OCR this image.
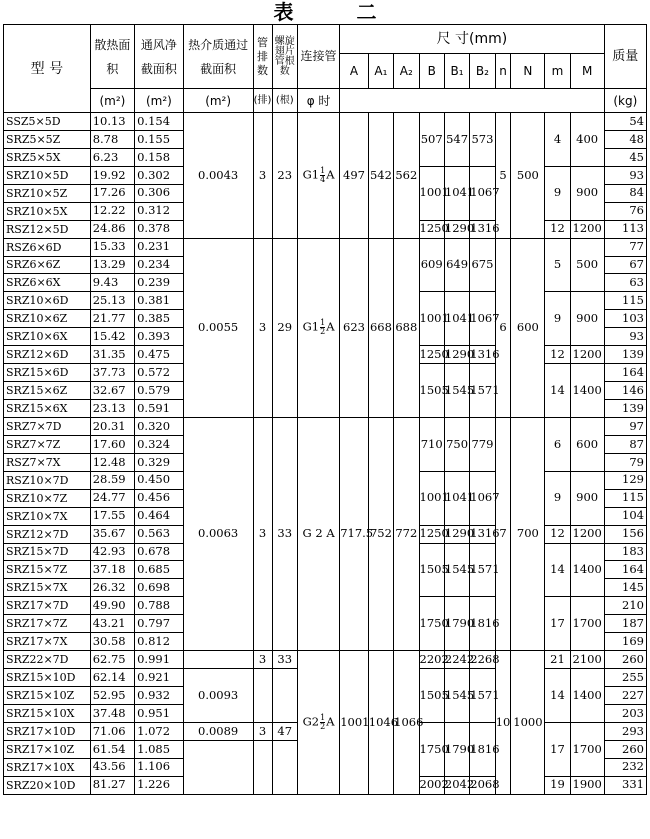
表 二
型 号	散热面积	通风净截面积	热介质通过截面积	管排数	螺旋翅片管根数	连接管	尺 寸(mm)										质量
							A	A₁	A₂	B	B₁	B₂	n	N	m	M	
	(m²)	(m²)	(m²)	(排)	(根)	φ 时											(kg)
SSZ5×5D	10.13	0.154	0.0043	3	23	$G1 \frac{1}{4}$ A	497	542	562	507	547	573	5	500	4	400	54
SRZ5×5Z	8.78	0.155															48
SRZ5×5X	6.23	0.158															45
SRZ10×5D	19.92	0.302								1001	1041	1067			9	900	93
SRZ10×5Z	17.26	0.306															84
SRZ10×5X	12.22	0.312															76
RSZ12×5D	24.86	0.378								1250	1290	1316			12	1200	113
RSZ6×6D	15.33	0.231	0.0055	3	29	$G1 \frac{1}{2}$ A	623	668	688	609	649	675	6	600	5	500	77
SRZ6×6Z	13.29	0.234															67
SRZ6×6X	9.43	0.239															63
SRZ10×6D	25.13	0.381								1001	1041	1067			9	900	115
SRZ10×6Z	21.77	0.385															103
SRZ10×6X	15.42	0.393															93
SRZ12×6D	31.35	0.475								1250	1290	1316			12	1200	139
SRZ15×6D	37.73	0.572								1505	1545	1571			14	1400	164
SRZ15×6Z	32.67	0.579															146
SRZ15×6X	23.13	0.591															139
SRZ7×7D	20.31	0.320	0.0063	3	33	G 2 A	717.5	752	772	710	750	779	7	700	6	600	97
SRZ7×7Z	17.60	0.324															87
RSZ7×7X	12.48	0.329															79
RSZ10×7D	28.59	0.450								1001	1041	1067			9	900	129
SRZ10×7Z	24.77	0.456															115
SRZ10×7X	17.55	0.464															104
SRZ12×7D	35.67	0.563								1250	1290	1316			12	1200	156
SRZ15×7D	42.93	0.678								1505	1545	1571			14	1400	183
SRZ15×7Z	37.18	0.685															164
SRZ15×7X	26.32	0.698															145
SRZ17×7D	49.90	0.788								1750	1790	1816			17	1700	210
SRZ17×7Z	43.21	0.797															187
SRZ17×7X	30.58	0.812															169
SRZ22×7D	62.75	0.991		3	33	$G2 \frac{1}{2}$ A	1001	1046	1066	2202	2242	2268	10	1000	21	2100	260
SRZ15×10D	62.14	0.921	0.0093							1505	1545	1571			14	1400	255
SRZ15×10Z	52.95	0.932															227
SRZ15×10X	37.48	0.951															203
SRZ17×10D	71.06	1.072	0.0089	3	47					1750	1790	1816			17	1700	293
SRZ17×10Z	61.54	1.085															260
SRZ17×10X	43.56	1.106															232
SRZ20×10D	81.27	1.226								2002	2042	2068			19	1900	331
